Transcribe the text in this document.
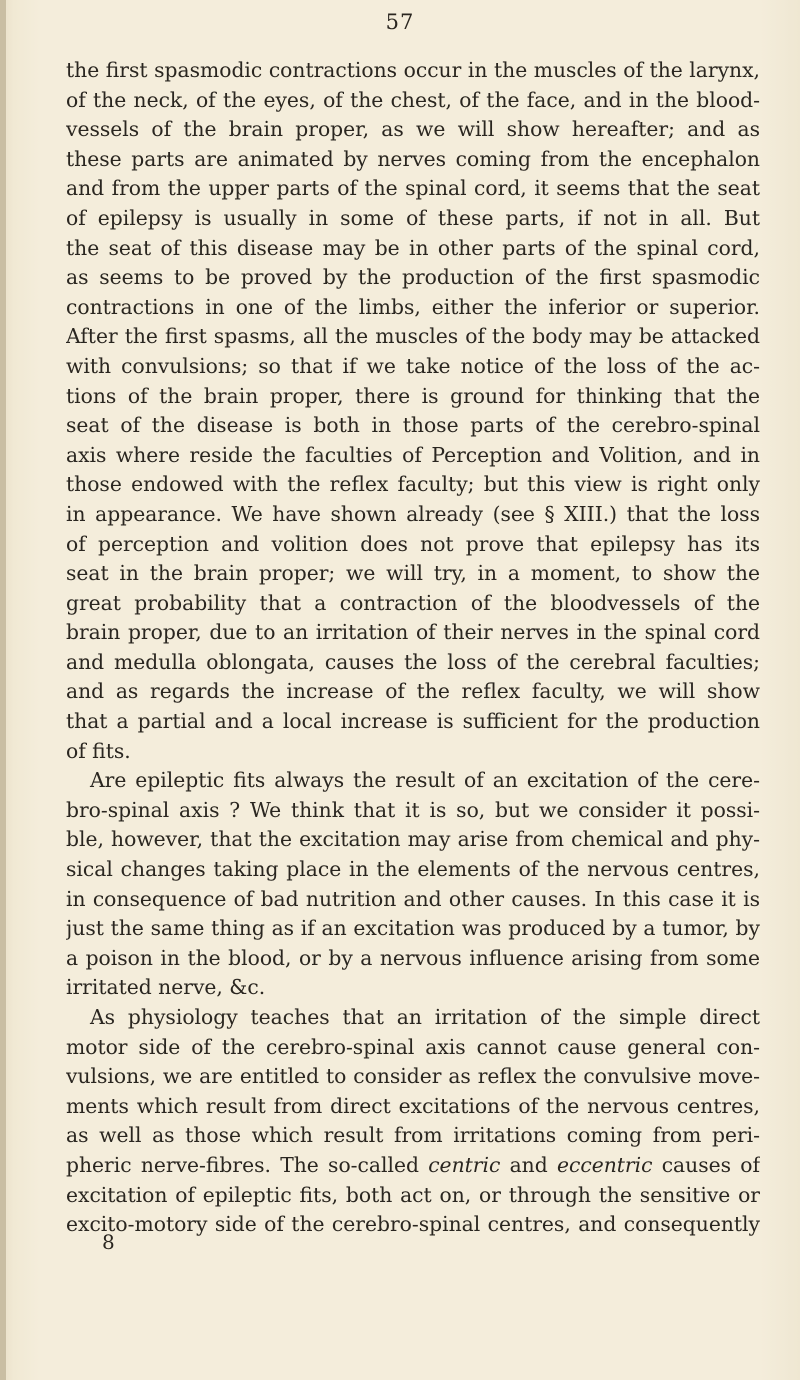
57
the first spasmodic contractions occur in the muscles of the larynx,
of the neck, of the eyes, of the chest, of the face, and in the blood-
vessels of the brain proper, as we will show hereafter; and as
these parts are animated by nerves coming from the encephalon
and from the upper parts of the spinal cord, it seems that the seat
of epilepsy is usually in some of these parts, if not in all. But
the seat of this disease may be in other parts of the spinal cord,
as seems to be proved by the production of the first spasmodic
contractions in one of the limbs, either the inferior or superior.
After the first spasms, all the muscles of the body may be attacked
with convulsions; so that if we take notice of the loss of the ac-
tions of the brain proper, there is ground for thinking that the
seat of the disease is both in those parts of the cerebro-spinal
axis where reside the faculties of Perception and Volition, and in
those endowed with the reflex faculty; but this view is right only
in appearance. We have shown already (see § XIII.) that the loss
of perception and volition does not prove that epilepsy has its
seat in the brain proper; we will try, in a moment, to show the
great probability that a contraction of the bloodvessels of the
brain proper, due to an irritation of their nerves in the spinal cord
and medulla oblongata, causes the loss of the cerebral faculties;
and as regards the increase of the reflex faculty, we will show
that a partial and a local increase is sufficient for the production
of fits.
Are epileptic fits always the result of an excitation of the cere-
bro-spinal axis ? We think that it is so, but we consider it possi-
ble, however, that the excitation may arise from chemical and phy-
sical changes taking place in the elements of the nervous centres,
in consequence of bad nutrition and other causes. In this case it is
just the same thing as if an excitation was produced by a tumor, by
a poison in the blood, or by a nervous influence arising from some
irritated nerve, &c.
As physiology teaches that an irritation of the simple direct
motor side of the cerebro-spinal axis cannot cause general con-
vulsions, we are entitled to consider as reflex the convulsive move-
ments which result from direct excitations of the nervous centres,
as well as those which result from irritations coming from peri-
pheric nerve-fibres. The so-called centric and eccentric causes of
excitation of epileptic fits, both act on, or through the sensitive or
excito-motory side of the cerebro-spinal centres, and consequently
8
